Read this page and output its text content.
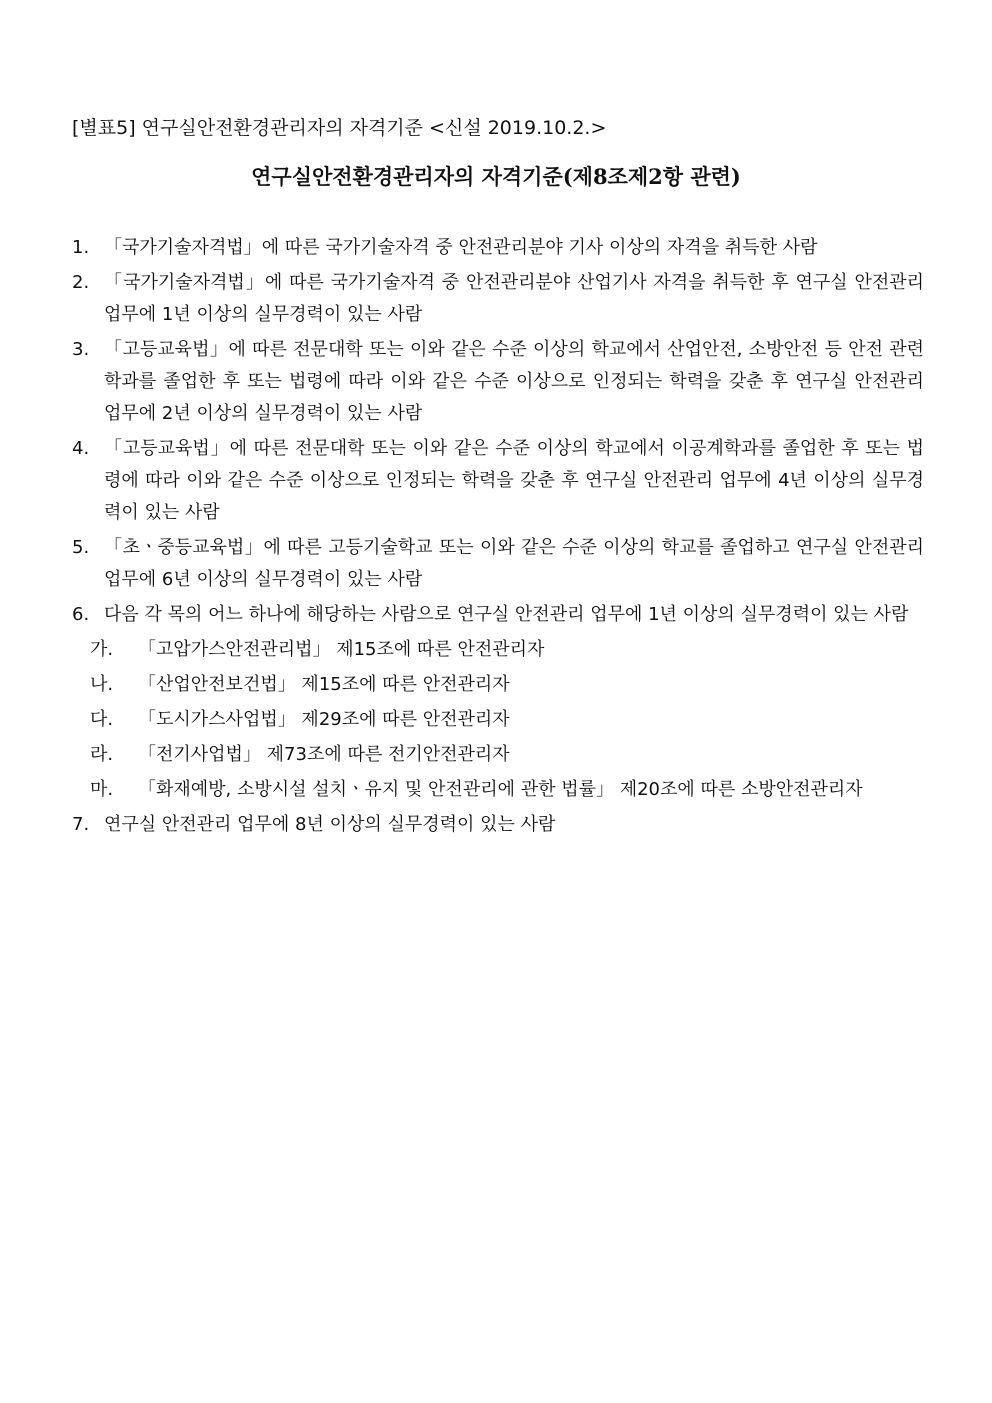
[별표5] 연구실안전환경관리자의 자격기준 <신설 2019.10.2.>
연구실안전환경관리자의 자격기준(제8조제2항 관련)
1. 「국가기술자격법」에 따른 국가기술자격 중 안전관리분야 기사 이상의 자격을 취득한 사람
2. 「국가기술자격법」에 따른 국가기술자격 중 안전관리분야 산업기사 자격을 취득한 후 연구실 안전관리 업무에 1년 이상의 실무경력이 있는 사람
3. 「고등교육법」에 따른 전문대학 또는 이와 같은 수준 이상의 학교에서 산업안전, 소방안전 등 안전 관련 학과를 졸업한 후 또는 법령에 따라 이와 같은 수준 이상으로 인정되는 학력을 갖춘 후 연구실 안전관리 업무에 2년 이상의 실무경력이 있는 사람
4. 「고등교육법」에 따른 전문대학 또는 이와 같은 수준 이상의 학교에서 이공계학과를 졸업한 후 또는 법령에 따라 이와 같은 수준 이상으로 인정되는 학력을 갖춘 후 연구실 안전관리 업무에 4년 이상의 실무경력이 있는 사람
5. 「초ㆍ중등교육법」에 따른 고등기술학교 또는 이와 같은 수준 이상의 학교를 졸업하고 연구실 안전관리 업무에 6년 이상의 실무경력이 있는 사람
6. 다음 각 목의 어느 하나에 해당하는 사람으로 연구실 안전관리 업무에 1년 이상의 실무경력이 있는 사람
가.	「고압가스안전관리법」 제15조에 따른 안전관리자
나.	「산업안전보건법」 제15조에 따른 안전관리자
다.	「도시가스사업법」 제29조에 따른 안전관리자
라.	「전기사업법」 제73조에 따른 전기안전관리자
마.	「화재예방, 소방시설 설치ㆍ유지 및 안전관리에 관한 법률」 제20조에 따른 소방안전관리자
7. 연구실 안전관리 업무에 8년 이상의 실무경력이 있는 사람
